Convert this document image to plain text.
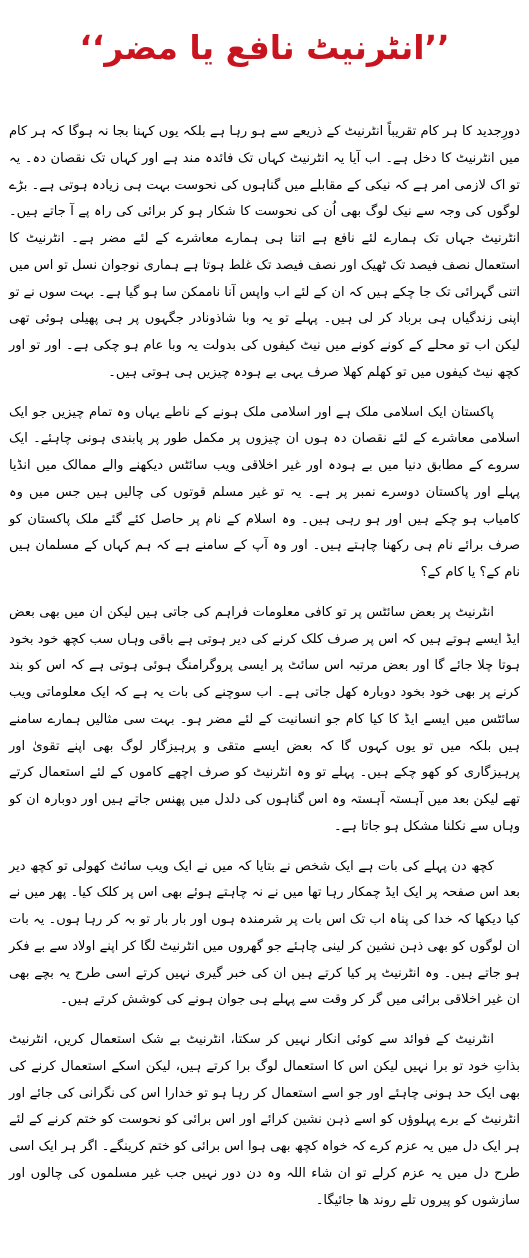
’’انٹرنیٹ نافع یا مضر‘‘

دورِجدید کا ہر کام تقریباً انٹرنیٹ کے ذریعے سے ہو رہا ہے بلکہ یوں کہنا بجا نہ ہوگا کہ ہر کام میں انٹرنیٹ کا دخل ہے۔ اب آیا یہ انٹرنیٹ کہاں تک فائدہ مند ہے اور کہاں تک نقصان دہ۔ یہ تو اک لازمی امر ہے کہ نیکی کے مقابلے میں گناہوں کی نحوست بہت ہی زیادہ ہوتی ہے۔ بڑے لوگوں کی وجہ سے نیک لوگ بھی اُن کی نحوست کا شکار ہو کر برائی کی راہ پے آ جاتے ہیں۔ انٹرنیٹ جہاں تک ہمارے لئے نافع ہے اتنا ہی ہمارے معاشرے کے لئے مضر ہے۔ انٹرنیٹ کا استعمال نصف فیصد تک ٹھیک اور نصف فیصد تک غلط ہوتا ہے ہماری نوجوان نسل تو اس میں اتنی گہرائی تک جا چکے ہیں کہ ان کے لئے اب واپس آنا ناممکن سا ہو گیا ہے۔ بہت سوں نے تو اپنی زندگیاں ہی برباد کر لی ہیں۔ پہلے تو یہ وبا شاذونادر جگہوں پر ہی پھیلی ہوئی تھی لیکن اب تو محلے کے کونے کونے میں نیٹ کیفوں کی بدولت یہ وبا عام ہو چکی ہے۔ اور تو اور کچھ نیٹ کیفوں میں تو کھلم کھلا صرف یہی بے ہودہ چیزیں ہی ہوتی ہیں۔

پاکستان ایک اسلامی ملک ہے اور اسلامی ملک ہونے کے ناطے یہاں وہ تمام چیزیں جو ایک اسلامی معاشرے کے لئے نقصان دہ ہوں ان چیزوں پر مکمل طور پر پابندی ہونی چاہئے۔ ایک سروے کے مطابق دنیا میں بے ہودہ اور غیر اخلاقی ویب سائٹس دیکھنے والے ممالک میں انڈیا پہلے اور پاکستان دوسرے نمبر پر ہے۔ یہ تو غیر مسلم قوتوں کی چالیں ہیں جس میں وہ کامیاب ہو چکے ہیں اور ہو رہی ہیں۔ وہ اسلام کے نام پر حاصل کئے گئے ملک پاکستان کو صرف برائے نام ہی رکھنا چاہتے ہیں۔ اور وہ آپ کے سامنے ہے کہ ہم کہاں کے مسلمان ہیں نام کے؟ یا کام کے؟

انٹرنیٹ پر بعض سائٹس پر تو کافی معلومات فراہم کی جاتی ہیں لیکن ان میں بھی بعض ایڈ ایسے ہوتے ہیں کہ اس پر صرف کلک کرنے کی دیر ہوتی ہے باقی وہاں سب کچھ خود بخود ہوتا چلا جائے گا اور بعض مرتبہ اس سائٹ پر ایسی پروگرامنگ ہوئی ہوتی ہے کہ اس کو بند کرنے پر بھی خود بخود دوبارہ کھل جاتی ہے۔ اب سوچنے کی بات یہ ہے کہ ایک معلوماتی ویب سائٹس میں ایسے ایڈ کا کیا کام جو انسانیت کے لئے مضر ہو۔ بہت سی مثالیں ہمارے سامنے ہیں بلکہ میں تو یوں کہوں گا کہ بعض ایسے متقی و پرہیزگار لوگ بھی اپنے تقویٰ اور پرہیزگاری کو کھو چکے ہیں۔ پہلے تو وہ انٹرنیٹ کو صرف اچھے کاموں کے لئے استعمال کرتے تھے لیکن بعد میں آہستہ آہستہ وہ اس گناہوں کی دلدل میں پھنس جاتے ہیں اور دوبارہ ان کو وہاں سے نکلنا مشکل ہو جاتا ہے۔

کچھ دن پہلے کی بات ہے ایک شخص نے بتایا کہ میں نے ایک ویب سائٹ کھولی تو کچھ دیر بعد اس صفحہ پر ایک ایڈ چمکار رہا تھا میں نے نہ چاہتے ہوئے بھی اس پر کلک کیا۔ پھر میں نے کیا دیکھا کہ خدا کی پناہ اب تک اس بات پر شرمندہ ہوں اور بار بار تو بہ کر رہا ہوں۔ یہ بات ان لوگوں کو بھی ذہن نشین کر لینی چاہئے جو گھروں میں انٹرنیٹ لگا کر اپنے اولاد سے بے فکر ہو جاتے ہیں۔ وہ انٹرنیٹ پر کیا کرتے ہیں ان کی خبر گیری نہیں کرتے اسی طرح یہ بچے بھی ان غیر اخلاقی برائی میں گر کر وقت سے پہلے ہی جوان ہونے کی کوشش کرتے ہیں۔

انٹرنیٹ کے فوائد سے کوئی انکار نہیں کر سکتا، انٹرنیٹ بے شک استعمال کریں، انٹرنیٹ بذاتِ خود تو برا نہیں لیکن اس کا استعمال لوگ برا کرتے ہیں، لیکن اسکے استعمال کرنے کی بھی ایک حد ہونی چاہئے اور جو اسے استعمال کر رہا ہو تو خدارا اس کی نگرانی کی جائے اور انٹرنیٹ کے برے پہلوؤں کو اسے ذہن نشین کرائے اور اس برائی کو نحوست کو ختم کرنے کے لئے ہر ایک دل میں یہ عزم کرے کہ خواہ کچھ بھی ہوا اس برائی کو ختم کرینگے۔ اگر ہر ایک اسی طرح دل میں یہ عزم کرلے تو ان شاء اللہ وہ دن دور نہیں جب غیر مسلموں کی چالوں اور سازشوں کو پیروں تلے روند ھا جائیگا۔
